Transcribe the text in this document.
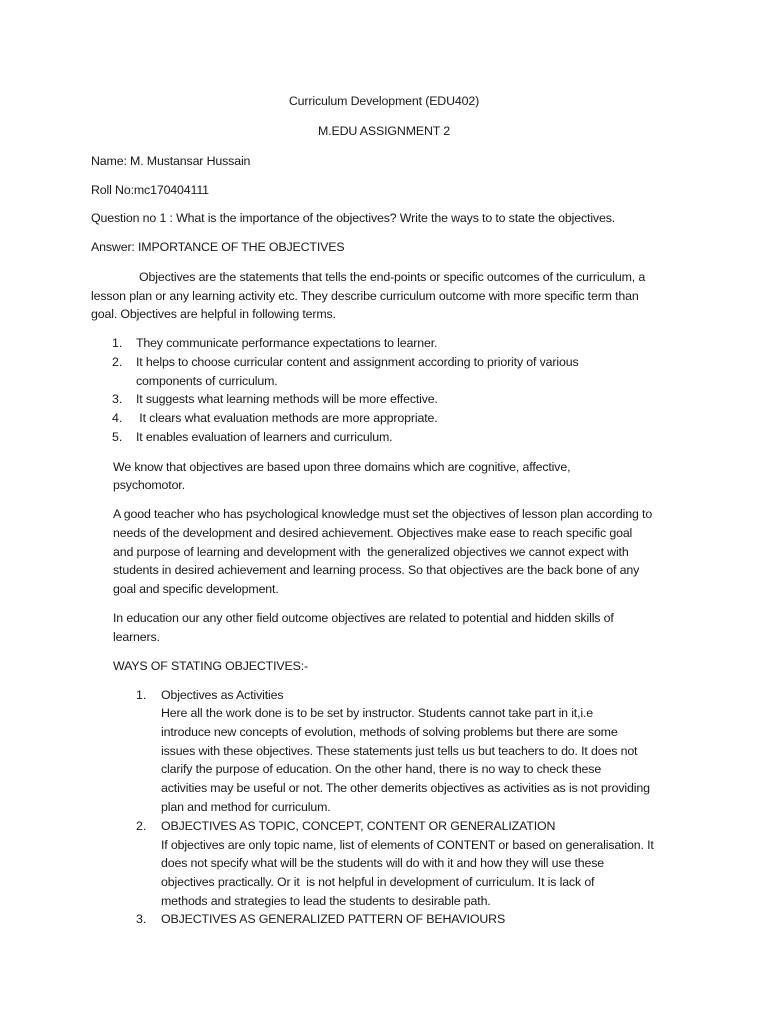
Curriculum Development (EDU402)
M.EDU ASSIGNMENT 2
Name: M. Mustansar Hussain
Roll No:mc170404111
Question no 1 : What is the importance of the objectives? Write the ways to to state the objectives.
Answer: IMPORTANCE OF THE OBJECTIVES
Objectives are the statements that tells the end-points or specific outcomes of the curriculum, a
lesson plan or any learning activity etc. They describe curriculum outcome with more specific term than
goal. Objectives are helpful in following terms.
1. They communicate performance expectations to learner.
2. It helps to choose curricular content and assignment according to priority of various
components of curriculum.
3. It suggests what learning methods will be more effective.
4. It clears what evaluation methods are more appropriate.
5. It enables evaluation of learners and curriculum.
We know that objectives are based upon three domains which are cognitive, affective,
psychomotor.
A good teacher who has psychological knowledge must set the objectives of lesson plan according to
needs of the development and desired achievement. Objectives make ease to reach specific goal
and purpose of learning and development with  the generalized objectives we cannot expect with
students in desired achievement and learning process. So that objectives are the back bone of any
goal and specific development.
In education our any other field outcome objectives are related to potential and hidden skills of
learners.
WAYS OF STATING OBJECTIVES:-
1. Objectives as Activities
Here all the work done is to be set by instructor. Students cannot take part in it,i.e
introduce new concepts of evolution, methods of solving problems but there are some
issues with these objectives. These statements just tells us but teachers to do. It does not
clarify the purpose of education. On the other hand, there is no way to check these
activities may be useful or not. The other demerits objectives as activities as is not providing
plan and method for curriculum.
2. OBJECTIVES AS TOPIC, CONCEPT, CONTENT OR GENERALIZATION
If objectives are only topic name, list of elements of CONTENT or based on generalisation. It
does not specify what will be the students will do with it and how they will use these
objectives practically. Or it  is not helpful in development of curriculum. It is lack of
methods and strategies to lead the students to desirable path.
3. OBJECTIVES AS GENERALIZED PATTERN OF BEHAVIOURS
